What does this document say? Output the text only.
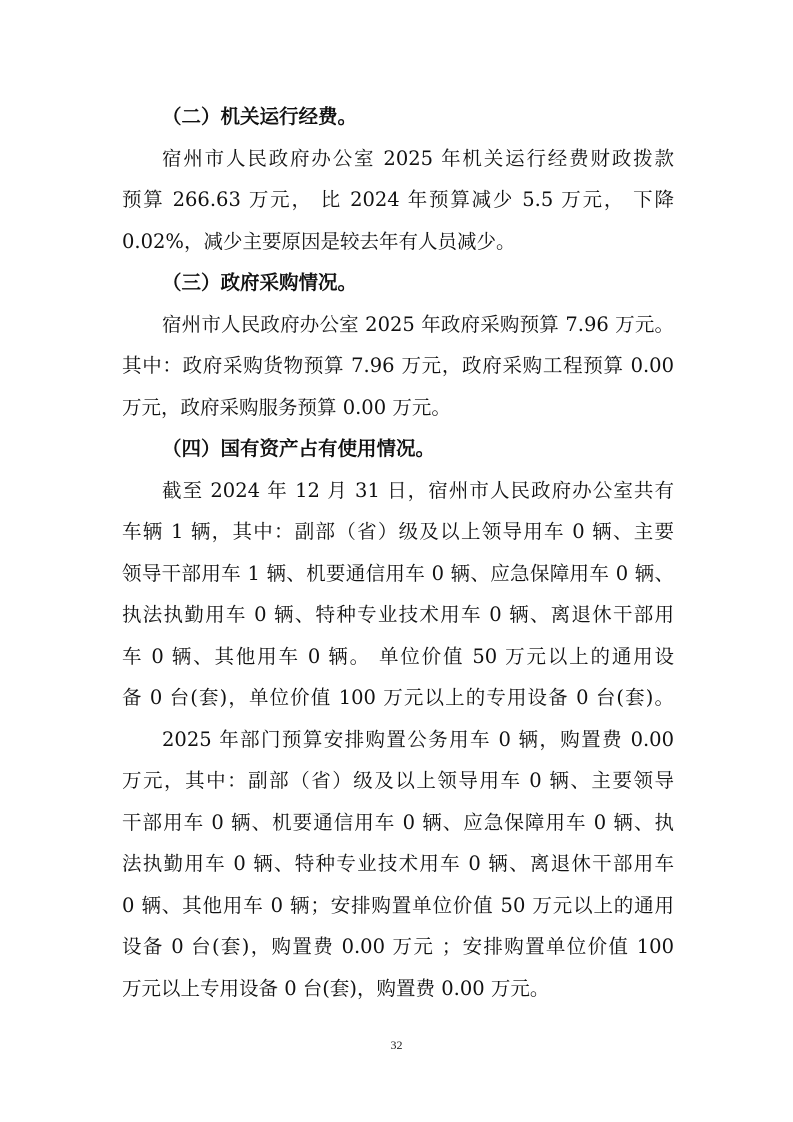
（二）机关运行经费。
宿州市人民政府办公室 2025 年机关运行经费财政拨款
预算 266.63 万元， 比 2024 年预算减少 5.5 万元， 下降
0.02%，减少主要原因是较去年有人员减少。
（三）政府采购情况。
宿州市人民政府办公室 2025 年政府采购预算 7.96 万元。
其中：政府采购货物预算 7.96 万元，政府采购工程预算 0.00
万元，政府采购服务预算 0.00 万元。
（四）国有资产占有使用情况。
截至 2024 年 12 月 31 日，宿州市人民政府办公室共有
车辆 1 辆，其中：副部（省）级及以上领导用车 0 辆、主要
领导干部用车 1 辆、机要通信用车 0 辆、应急保障用车 0 辆、
执法执勤用车 0 辆、特种专业技术用车 0 辆、离退休干部用
车 0 辆、其他用车 0 辆。 单位价值 50 万元以上的通用设
备 0 台(套)，单位价值 100 万元以上的专用设备 0 台(套)。
2025 年部门预算安排购置公务用车 0 辆，购置费 0.00
万元，其中：副部（省）级及以上领导用车 0 辆、主要领导
干部用车 0 辆、机要通信用车 0 辆、应急保障用车 0 辆、执
法执勤用车 0 辆、特种专业技术用车 0 辆、离退休干部用车
0 辆、其他用车 0 辆；安排购置单位价值 50 万元以上的通用
设备 0 台(套)，购置费 0.00 万元 ；安排购置单位价值 100
万元以上专用设备 0 台(套)，购置费 0.00 万元。
32
